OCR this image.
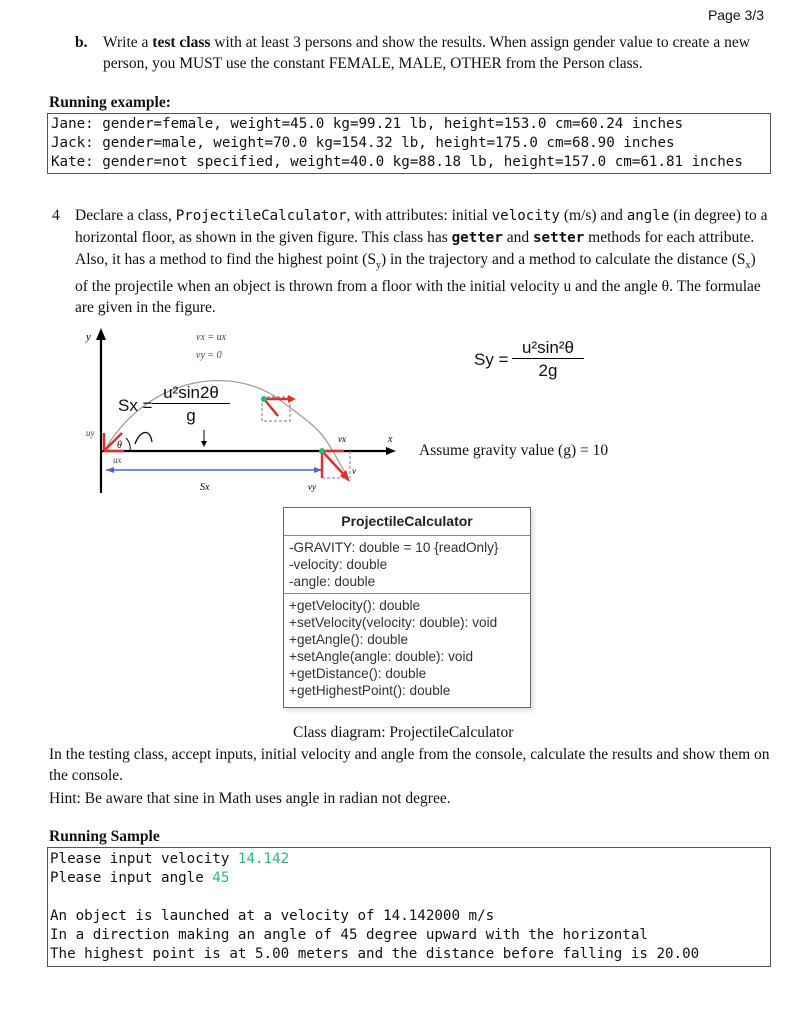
Page 3/3
b. Write a test class with at least 3 persons and show the results. When assign gender value to create a new person, you MUST use the constant FEMALE, MALE, OTHER from the Person class.
Running example:
Jane: gender=female, weight=45.0 kg=99.21 lb, height=153.0 cm=60.24 inches
Jack: gender=male, weight=70.0 kg=154.32 lb, height=175.0 cm=68.90 inches
Kate: gender=not specified, weight=40.0 kg=88.18 lb, height=157.0 cm=61.81 inches
4 Declare a class, ProjectileCalculator, with attributes: initial velocity (m/s) and angle (in degree) to a horizontal floor, as shown in the given figure. This class has getter and setter methods for each attribute. Also, it has a method to find the highest point $(S_y)$ in the trajectory and a method to calculate the distance $(S_x)$ of the projectile when an object is thrown from a floor with the initial velocity u and the angle θ. The formulae are given in the figure.
y
x
θ
uy
ux
vx
vy
v
Sx
vx = ux
vy = 0
Sx =
u²sin2θ
g
Sy =
u²sin²θ
2g
Assume gravity value (g) = 10
ProjectileCalculator
-GRAVITY: double = 10 {readOnly}
-velocity: double
-angle: double
+getVelocity(): double
+setVelocity(velocity: double): void
+getAngle(): double
+setAngle(angle: double): void
+getDistance(): double
+getHighestPoint(): double
Class diagram: ProjectileCalculator
In the testing class, accept inputs, initial velocity and angle from the console, calculate the results and show them on the console.
Hint: Be aware that sine in Math uses angle in radian not degree.
Running Sample
Please input velocity 14.142
Please input angle 45

An object is launched at a velocity of 14.142000 m/s
In a direction making an angle of 45 degree upward with the horizontal
The highest point is at 5.00 meters and the distance before falling is 20.00
